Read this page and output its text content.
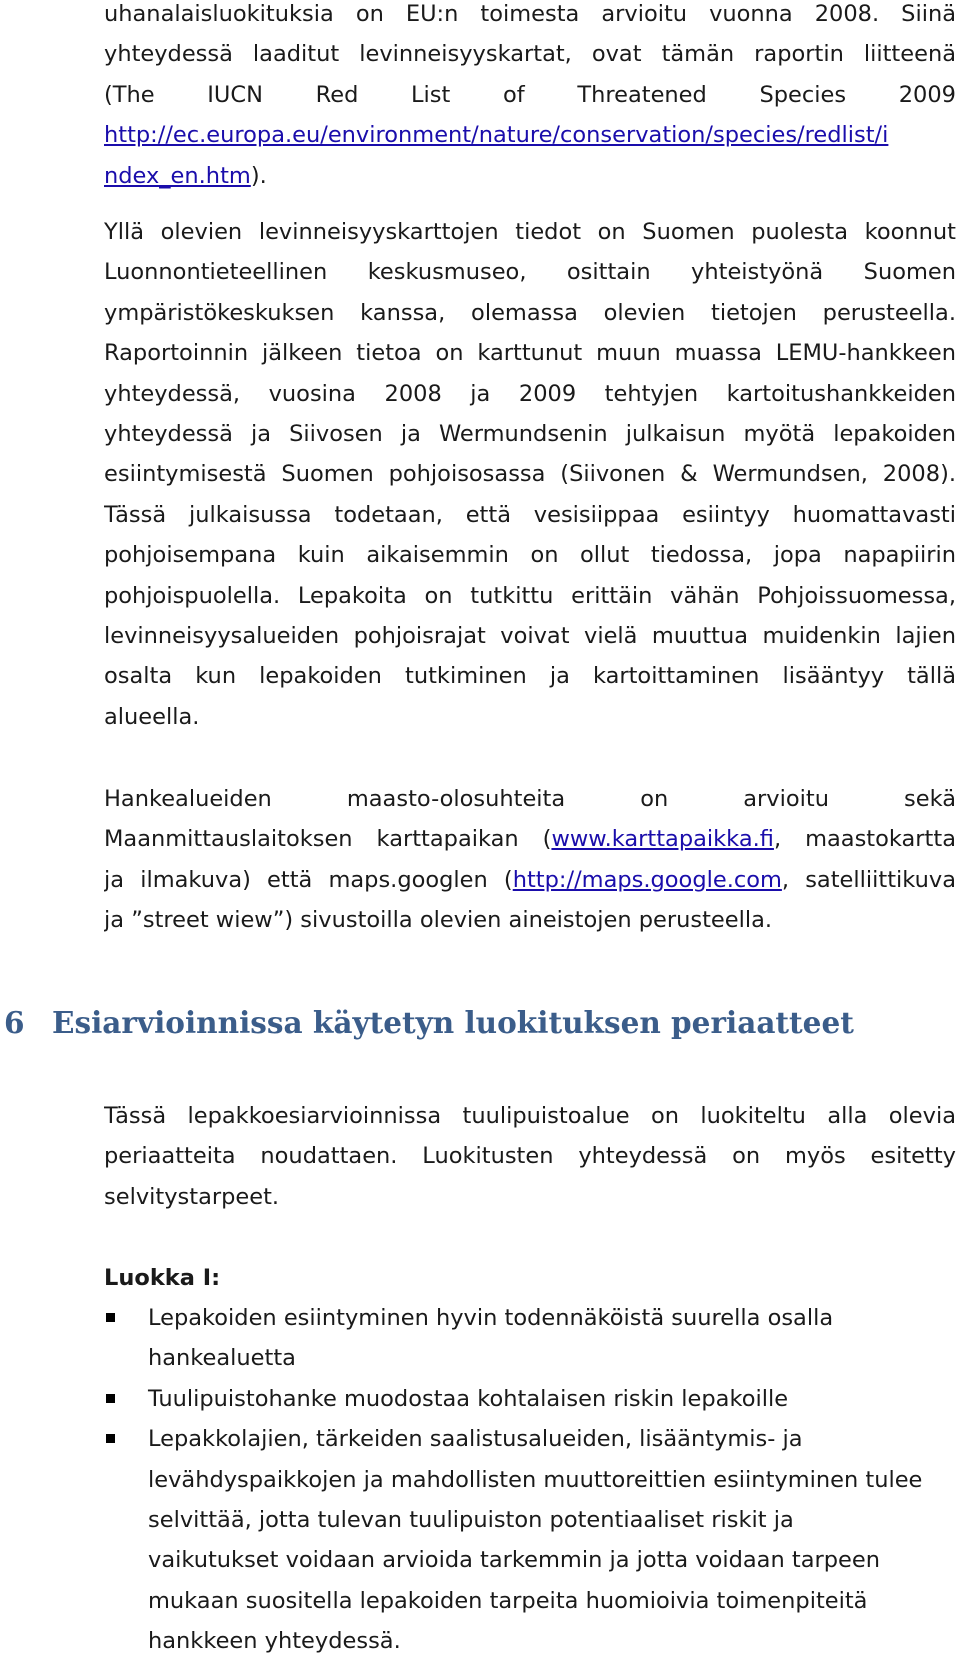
uhanalaisluokituksia on EU:n toimesta arvioitu vuonna 2008. Siinä
yhteydessä laaditut levinneisyyskartat, ovat tämän raportin liitteenä
(The IUCN Red List of Threatened Species 2009
http://ec.europa.eu/environment/nature/conservation/species/redlist/i
ndex_en.htm).
Yllä olevien levinneisyyskarttojen tiedot on Suomen puolesta koonnut
Luonnontieteellinen keskusmuseo, osittain yhteistyönä Suomen
ympäristökeskuksen kanssa, olemassa olevien tietojen perusteella.
Raportoinnin jälkeen tietoa on karttunut muun muassa LEMU-hankkeen
yhteydessä, vuosina 2008 ja 2009 tehtyjen kartoitushankkeiden
yhteydessä ja Siivosen ja Wermundsenin julkaisun myötä lepakoiden
esiintymisestä Suomen pohjoisosassa (Siivonen & Wermundsen, 2008).
Tässä julkaisussa todetaan, että vesisiippaa esiintyy huomattavasti
pohjoisempana kuin aikaisemmin on ollut tiedossa, jopa napapiirin
pohjoispuolella. Lepakoita on tutkittu erittäin vähän Pohjoissuomessa,
levinneisyysalueiden pohjoisrajat voivat vielä muuttua muidenkin lajien
osalta kun lepakoiden tutkiminen ja kartoittaminen lisääntyy tällä
alueella.
Hankealueiden maasto-olosuhteita on arvioitu sekä
Maanmittauslaitoksen karttapaikan (www.karttapaikka.fi, maastokartta
ja ilmakuva) että maps.googlen (http://maps.google.com, satelliittikuva
ja ”street wiew”) sivustoilla olevien aineistojen perusteella.
6 Esiarvioinnissa käytetyn luokituksen periaatteet
Tässä lepakkoesiarvioinnissa tuulipuistoalue on luokiteltu alla olevia
periaatteita noudattaen. Luokitusten yhteydessä on myös esitetty
selvitystarpeet.
Luokka I:
Lepakoiden esiintyminen hyvin todennäköistä suurella osalla
hankealuetta
Tuulipuistohanke muodostaa kohtalaisen riskin lepakoille
Lepakkolajien, tärkeiden saalistusalueiden, lisääntymis- ja
levähdyspaikkojen ja mahdollisten muuttoreittien esiintyminen tulee
selvittää, jotta tulevan tuulipuiston potentiaaliset riskit ja
vaikutukset voidaan arvioida tarkemmin ja jotta voidaan tarpeen
mukaan suositella lepakoiden tarpeita huomioivia toimenpiteitä
hankkeen yhteydessä.
